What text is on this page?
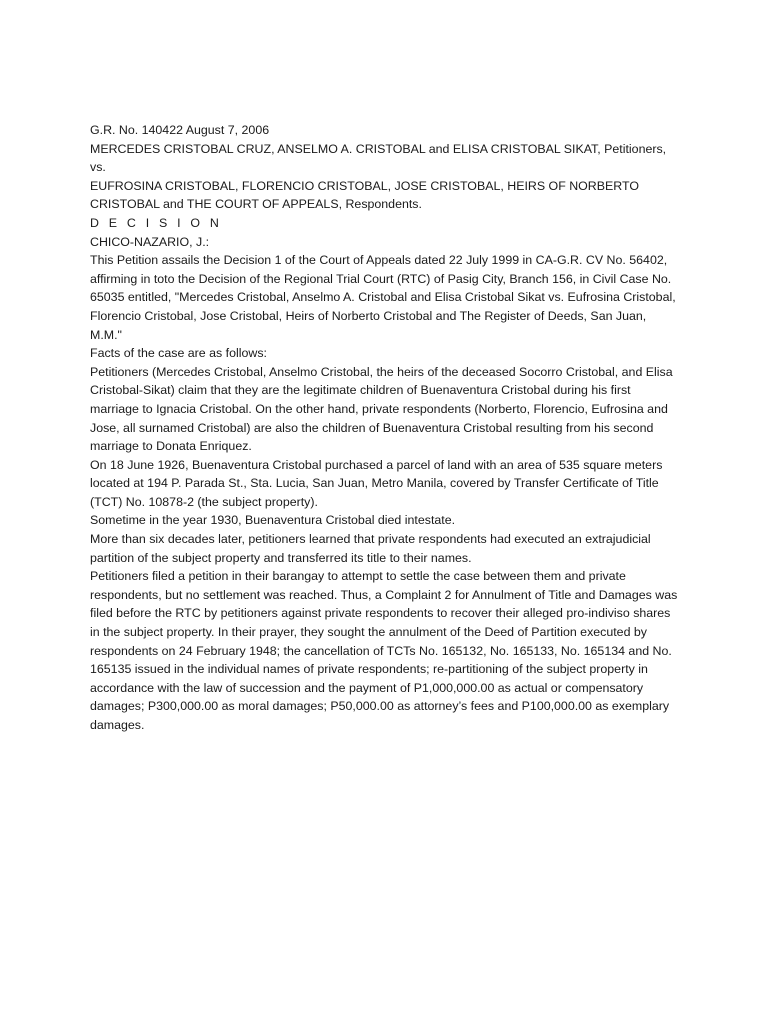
G.R. No. 140422 August 7, 2006

MERCEDES CRISTOBAL CRUZ, ANSELMO A. CRISTOBAL and ELISA CRISTOBAL SIKAT, Petitioners,

vs.

EUFROSINA CRISTOBAL, FLORENCIO CRISTOBAL, JOSE CRISTOBAL, HEIRS OF NORBERTO CRISTOBAL and THE COURT OF APPEALS, Respondents.

D E C I S I O N

CHICO-NAZARIO, J.:

This Petition assails the Decision 1 of the Court of Appeals dated 22 July 1999 in CA-G.R. CV No. 56402, affirming in toto the Decision of the Regional Trial Court (RTC) of Pasig City, Branch 156, in Civil Case No. 65035 entitled, "Mercedes Cristobal, Anselmo A. Cristobal and Elisa Cristobal Sikat vs. Eufrosina Cristobal, Florencio Cristobal, Jose Cristobal, Heirs of Norberto Cristobal and The Register of Deeds, San Juan, M.M."

Facts of the case are as follows:

Petitioners (Mercedes Cristobal, Anselmo Cristobal, the heirs of the deceased Socorro Cristobal, and Elisa Cristobal-Sikat) claim that they are the legitimate children of Buenaventura Cristobal during his first marriage to Ignacia Cristobal. On the other hand, private respondents (Norberto, Florencio, Eufrosina and Jose, all surnamed Cristobal) are also the children of Buenaventura Cristobal resulting from his second marriage to Donata Enriquez.

On 18 June 1926, Buenaventura Cristobal purchased a parcel of land with an area of 535 square meters located at 194 P. Parada St., Sta. Lucia, San Juan, Metro Manila, covered by Transfer Certificate of Title (TCT) No. 10878-2 (the subject property).

Sometime in the year 1930, Buenaventura Cristobal died intestate.

More than six decades later, petitioners learned that private respondents had executed an extrajudicial partition of the subject property and transferred its title to their names.

Petitioners filed a petition in their barangay to attempt to settle the case between them and private respondents, but no settlement was reached. Thus, a Complaint 2 for Annulment of Title and Damages was filed before the RTC by petitioners against private respondents to recover their alleged pro-indiviso shares in the subject property. In their prayer, they sought the annulment of the Deed of Partition executed by respondents on 24 February 1948; the cancellation of TCTs No. 165132, No. 165133, No. 165134 and No. 165135 issued in the individual names of private respondents; re-partitioning of the subject property in accordance with the law of succession and the payment of P1,000,000.00 as actual or compensatory damages; P300,000.00 as moral damages; P50,000.00 as attorney’s fees and P100,000.00 as exemplary damages.
